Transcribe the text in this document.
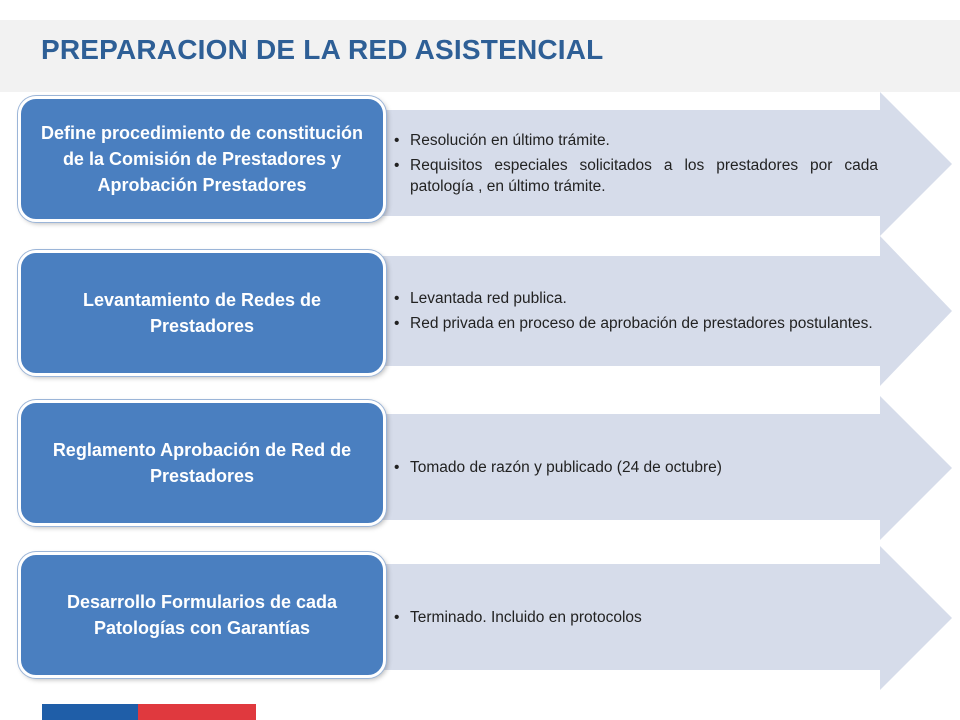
PREPARACION DE LA RED ASISTENCIAL
Define procedimiento de constitución de la Comisión de Prestadores y Aprobación Prestadores
• Resolución en último trámite.
• Requisitos especiales solicitados a los prestadores por cada patología , en último trámite.
Levantamiento de Redes de Prestadores
• Levantada red publica.
• Red privada en proceso de aprobación de prestadores postulantes.
Reglamento Aprobación de Red de Prestadores
•	Tomado de razón y publicado (24 de octubre)
Desarrollo Formularios de cada Patologías con Garantías
• Terminado. Incluido en protocolos
